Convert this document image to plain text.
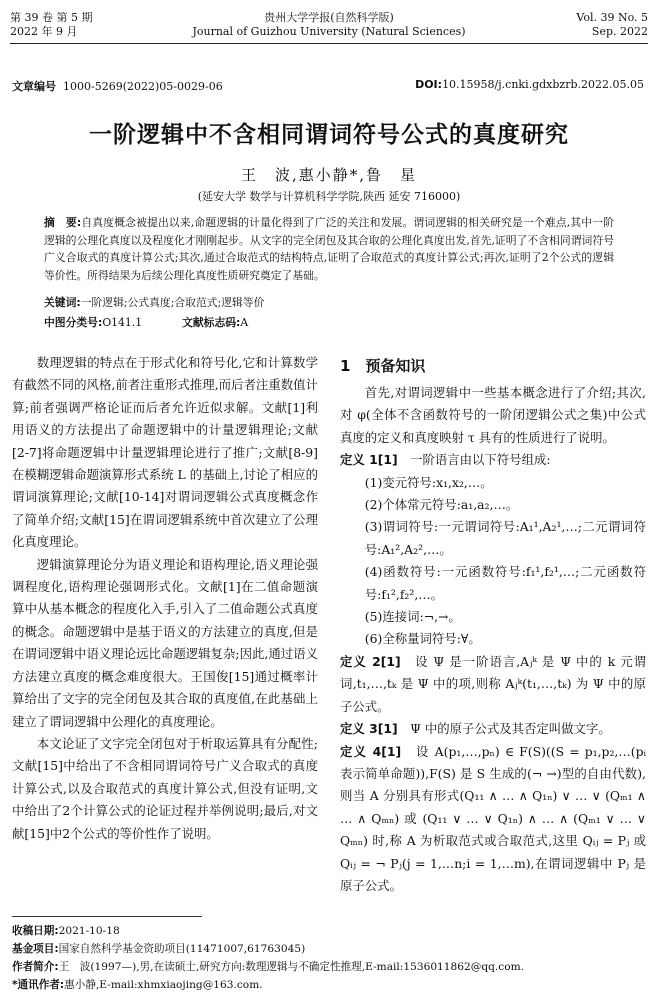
第 39 卷 第 5 期
2022 年 9 月
贵州大学学报(自然科学版)
Journal of Guizhou University (Natural Sciences)
Vol. 39 No. 5
Sep. 2022
文章编号 1000-5269(2022)05-0029-06	DOI:10.15958/j.cnki.gdxbzrb.2022.05.05
一阶逻辑中不含相同谓词符号公式的真度研究
王　波,惠小静*,鲁　星
(延安大学 数学与计算机科学学院,陕西 延安 716000)
摘　要:自真度概念被提出以来,命题逻辑的计量化得到了广泛的关注和发展。谓词逻辑的相关研究是一个难点,其中一阶逻辑的公理化真度以及程度化才刚刚起步。从文字的完全闭包及其合取的公理化真度出发,首先,证明了不含相同谓词符号广义合取式的真度计算公式;其次,通过合取范式的结构特点,证明了合取范式的真度计算公式;再次,证明了2个公式的逻辑等价性。所得结果为后续公理化真度性质研究奠定了基础。
关键词:一阶逻辑;公式真度;合取范式;逻辑等价
中图分类号:O141.1	文献标志码:A

数理逻辑的特点在于形式化和符号化,它和计算数学有截然不同的风格,前者注重形式推理,而后者注重数值计算;前者强调严格论证而后者允许近似求解。文献[1]利用语义的方法提出了命题逻辑中的计量逻辑理论;文献[2-7]将命题逻辑中计量逻辑理论进行了推广;文献[8-9]在模糊逻辑命题演算形式系统 L 的基础上,讨论了相应的谓词演算理论;文献[10-14]对谓词逻辑公式真度概念作了简单介绍;文献[15]在谓词逻辑系统中首次建立了公理化真度理论。

逻辑演算理论分为语义理论和语构理论,语义理论强调程度化,语构理论强调形式化。文献[1]在二值命题演算中从基本概念的程度化入手,引入了二值命题公式真度的概念。命题逻辑中是基于语义的方法建立的真度,但是在谓词逻辑中语义理论远比命题逻辑复杂;因此,通过语义方法建立真度的概念难度很大。王国俊[15]通过概率计算给出了文字的完全闭包及其合取的真度值,在此基础上建立了谓词逻辑中公理化的真度理论。

本文论证了文字完全闭包对于析取运算具有分配性;文献[15]中给出了不含相同谓词符号广义合取式的真度计算公式,以及合取范式的真度计算公式,但没有证明,文中给出了2个计算公式的论证过程并举例说明;最后,对文献[15]中2个公式的等价性作了说明。

1　预备知识

首先,对谓词逻辑中一些基本概念进行了介绍;其次,对 φ(全体不含函数符号的一阶闭逻辑公式之集)中公式真度的定义和真度映射 τ 具有的性质进行了说明。

定义 1[1]　 一阶语言由以下符号组成:

(1)变元符号:x₁,x₂,…。

(2)个体常元符号:a₁,a₂,…。

(3)谓词符号:一元谓词符号:A₁¹,A₂¹,…;二元谓词符号:A₁²,A₂²,…。

(4)函数符号:一元函数符号:f₁¹,f₂¹,…;二元函数符号:f₁²,f₂²,…。

(5)连接词:¬,→。

(6)全称量词符号:∀。

定义 2[1]　 设 Ψ 是一阶语言,Aⱼᵏ 是 Ψ 中的 k 元谓词,t₁,…,tₖ 是 Ψ 中的项,则称 Aⱼᵏ(t₁,…,tₖ) 为 Ψ 中的原子公式。

定义 3[1]　 Ψ 中的原子公式及其否定叫做文字。

定义 4[1]　 设 A(p₁,…,pₙ) ∈ F(S)((S = p₁,p₂,…(pᵢ 表示简单命题)),F(S) 是 S 生成的(¬ →)型的自由代数),则当 A 分别具有形式(Q₁₁ ∧ … ∧ Q₁ₙ) ∨ … ∨ (Qₘ₁ ∧ … ∧ Qₘₙ) 或 (Q₁₁ ∨ … ∨ Q₁ₙ) ∧ … ∧ (Qₘ₁ ∨ … ∨ Qₘₙ) 时,称 A 为析取范式或合取范式,这里 Qᵢⱼ = Pⱼ 或 Qᵢⱼ = ¬ Pⱼ(j = 1,…n;i = 1,…m),在谓词逻辑中 Pⱼ 是原子公式。

收稿日期:2021-10-18
基金项目:国家自然科学基金资助项目(11471007,61763045)
作者简介:王　波(1997—),男,在读硕士,研究方向:数理逻辑与不确定性推理,E-mail:1536011862@qq.com.
*通讯作者:惠小静,E-mail:xhmxiaojing@163.com.
